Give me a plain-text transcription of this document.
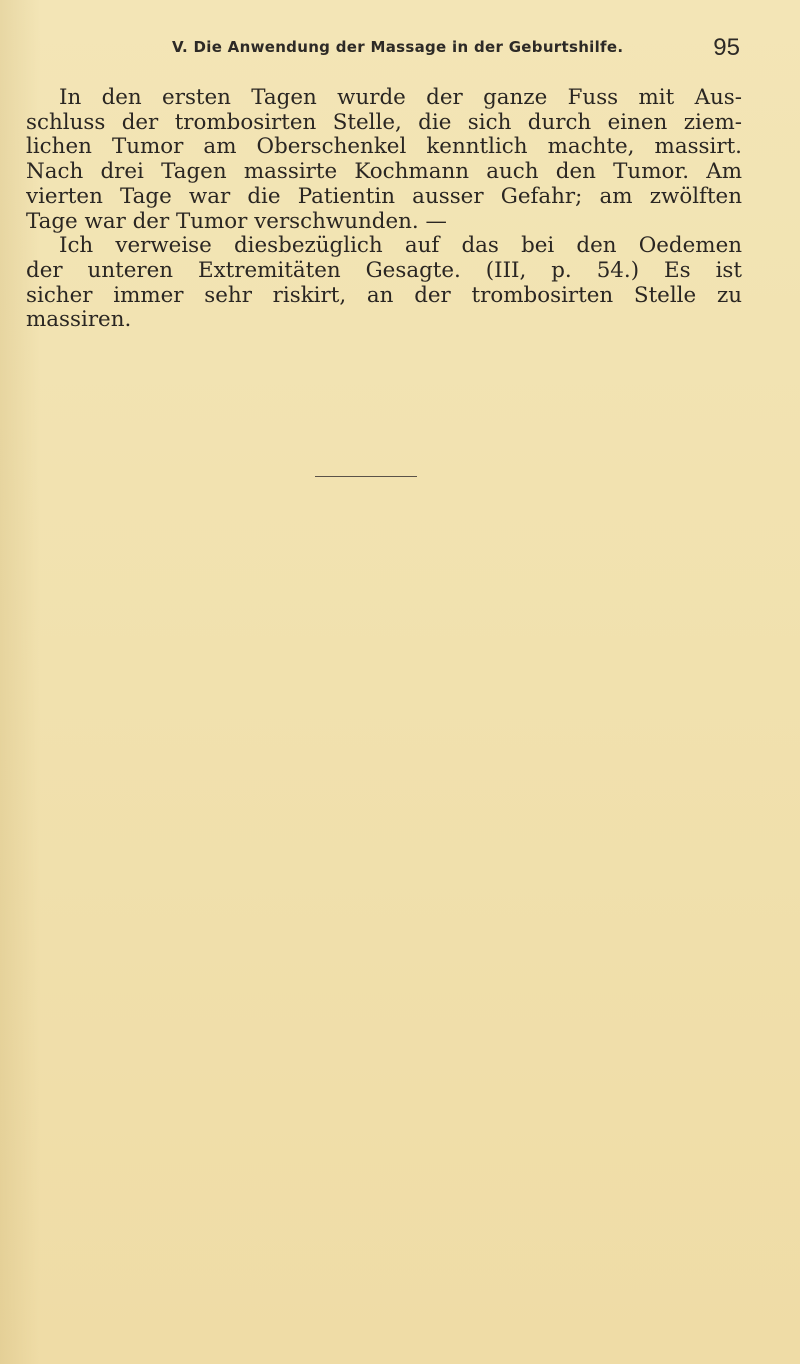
V. Die Anwendung der Massage in der Geburtshilfe.	95
In den ersten Tagen wurde der ganze Fuss mit Aus-
schluss der trombosirten Stelle, die sich durch einen ziem-
lichen Tumor am Oberschenkel kenntlich machte, massirt.
Nach drei Tagen massirte Kochmann auch den Tumor. Am
vierten Tage war die Patientin ausser Gefahr; am zwölften
Tage war der Tumor verschwunden. —
Ich verweise diesbezüglich auf das bei den Oedemen
der unteren Extremitäten Gesagte. (III, p. 54.) Es ist
sicher immer sehr riskirt, an der trombosirten Stelle zu
massiren.
